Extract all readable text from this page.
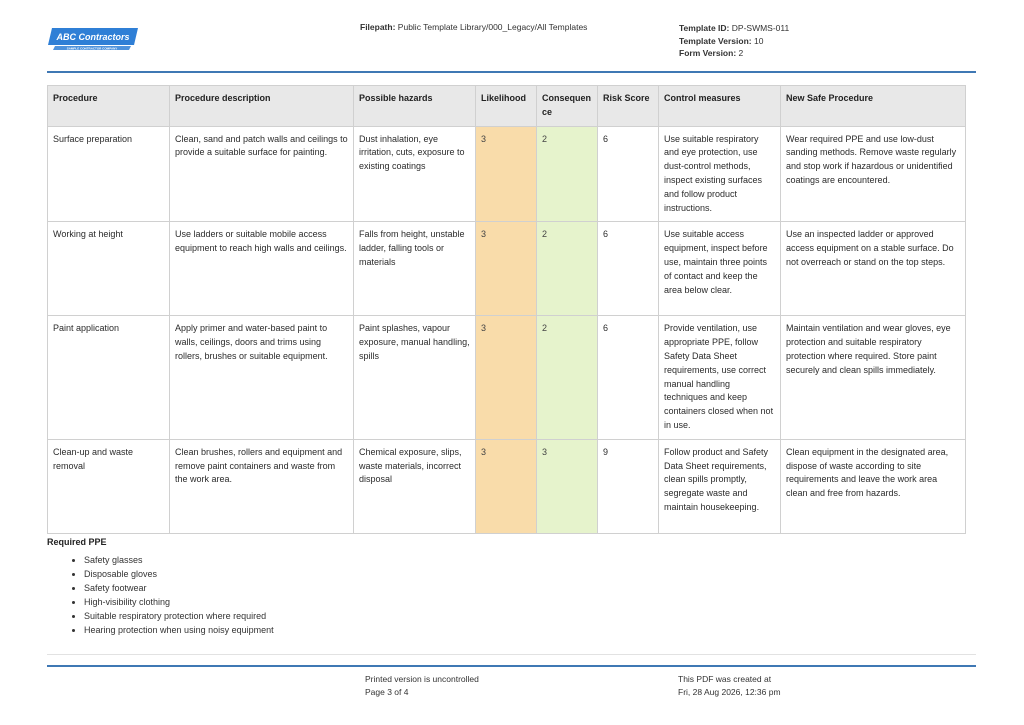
ABC Contractors
SAMPLE CONTRACTOR COMPANY
Filepath: Public Template Library/000_Legacy/All Templates	Template ID: DP-SWMS-011
Template Version: 10
Form Version: 2
Procedure	Procedure description	Possible hazards	Likelihood	Consequence	Risk Score	Control measures	New Safe Procedure
Surface preparation	Clean, sand and patch walls and ceilings to provide a suitable surface for painting.	Dust inhalation, eye irritation, cuts, exposure to existing coatings	3	2	6	Use suitable respiratory and eye protection, use dust-control methods, inspect existing surfaces and follow product instructions.	Wear required PPE and use low-dust sanding methods. Remove waste regularly and stop work if hazardous or unidentified coatings are encountered.
Working at height	Use ladders or suitable mobile access equipment to reach high walls and ceilings.	Falls from height, unstable ladder, falling tools or materials	3	2	6	Use suitable access equipment, inspect before use, maintain three points of contact and keep the area below clear.	Use an inspected ladder or approved access equipment on a stable surface. Do not overreach or stand on the top steps.
Paint application	Apply primer and water-based paint to walls, ceilings, doors and trims using rollers, brushes or suitable equipment.	Paint splashes, vapour exposure, manual handling, spills	3	2	6	Provide ventilation, use appropriate PPE, follow Safety Data Sheet requirements, use correct manual handling techniques and keep containers closed when not in use.	Maintain ventilation and wear gloves, eye protection and suitable respiratory protection where required. Store paint securely and clean spills immediately.
Clean-up and waste removal	Clean brushes, rollers and equipment and remove paint containers and waste from the work area.	Chemical exposure, slips, waste materials, incorrect disposal	3	3	9	Follow product and Safety Data Sheet requirements, clean spills promptly, segregate waste and maintain housekeeping.	Clean equipment in the designated area, dispose of waste according to site requirements and leave the work area clean and free from hazards.
Required PPE
• Safety glasses
• Disposable gloves
• Safety footwear
• High-visibility clothing
• Suitable respiratory protection where required
• Hearing protection when using noisy equipment
Printed version is uncontrolled
Page 3 of 4
This PDF was created at
Fri, 28 Aug 2026, 12:36 pm
